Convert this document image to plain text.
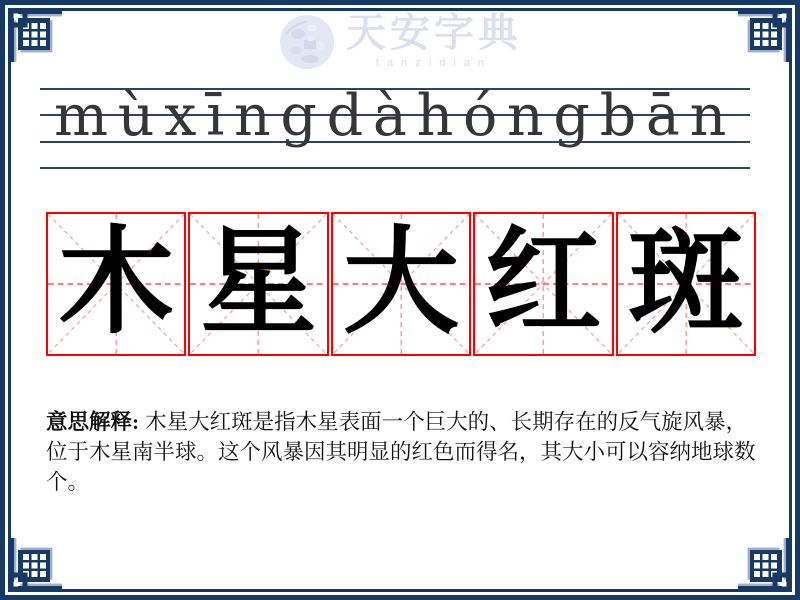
天安字典
tanzidian
mù xīng dà hóng bān
木 星 大 红 斑
意思解释: 木星大红斑是指木星表面一个巨大的、长期存在的反气旋风暴，位于木星南半球。这个风暴因其明显的红色而得名，其大小可以容纳地球数个。
